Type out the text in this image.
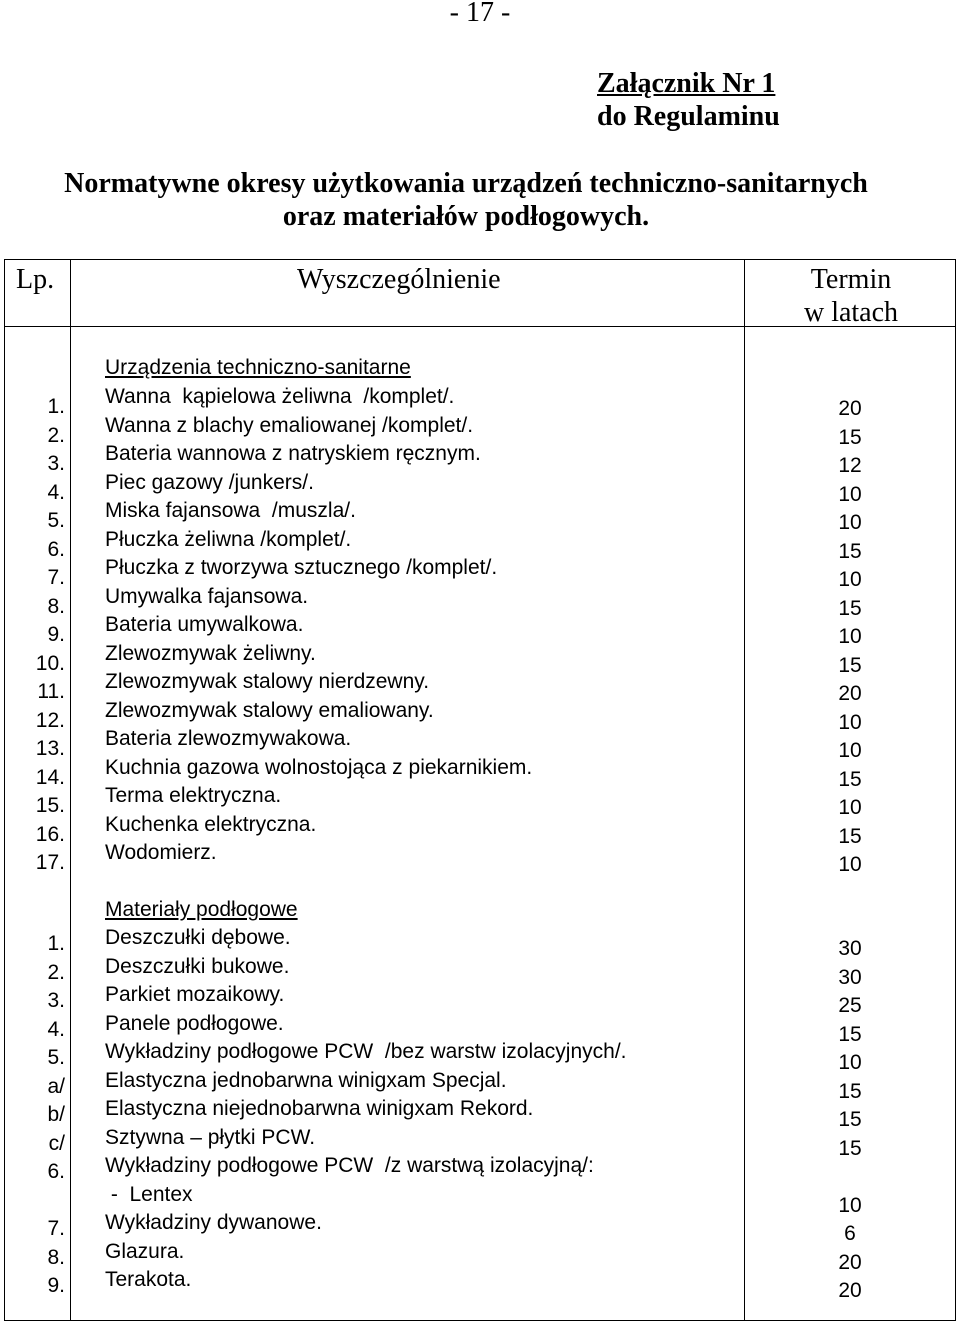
- 17 -
Załącznik Nr 1
do Regulaminu
Normatywne okresy użytkowania urządzeń techniczno-sanitarnych
oraz materiałów podłogowych.
Lp.	Wyszczególnienie	Termin
w latach
Urządzenia techniczno-sanitarne
1.
2.
3.
4.
5.
6.
7.
8.
9.
10.
11.
12.
13.
14.
15.
16.
17.
Wanna  kąpielowa żeliwna  /komplet/.
Wanna z blachy emaliowanej /komplet/.
Bateria wannowa z natryskiem ręcznym.
Piec gazowy /junkers/.
Miska fajansowa  /muszla/.
Płuczka żeliwna /komplet/.
Płuczka z tworzywa sztucznego /komplet/.
Umywalka fajansowa.
Bateria umywalkowa.
Zlewozmywak żeliwny.
Zlewozmywak stalowy nierdzewny.
Zlewozmywak stalowy emaliowany.
Bateria zlewozmywakowa.
Kuchnia gazowa wolnostojąca z piekarnikiem.
Terma elektryczna.
Kuchenka elektryczna.
Wodomierz.
20
15
12
10
10
15
10
15
10
15
20
10
10
15
10
15
10
Materiały podłogowe
1.
2.
3.
4.
5.
a/
b/
c/
6.
7.
8.
9.
Deszczułki dębowe.
Deszczułki bukowe.
Parkiet mozaikowy.
Panele podłogowe.
Wykładziny podłogowe PCW  /bez warstw izolacyjnych/.
Elastyczna jednobarwna winigxam Specjal.
Elastyczna niejednobarwna winigxam Rekord.
Sztywna – płytki PCW.
Wykładziny podłogowe PCW  /z warstwą izolacyjną/:
-  Lentex
Wykładziny dywanowe.
Glazura.
Terakota.
30
30
25
15
10
15
15
15
10
6
20
20
